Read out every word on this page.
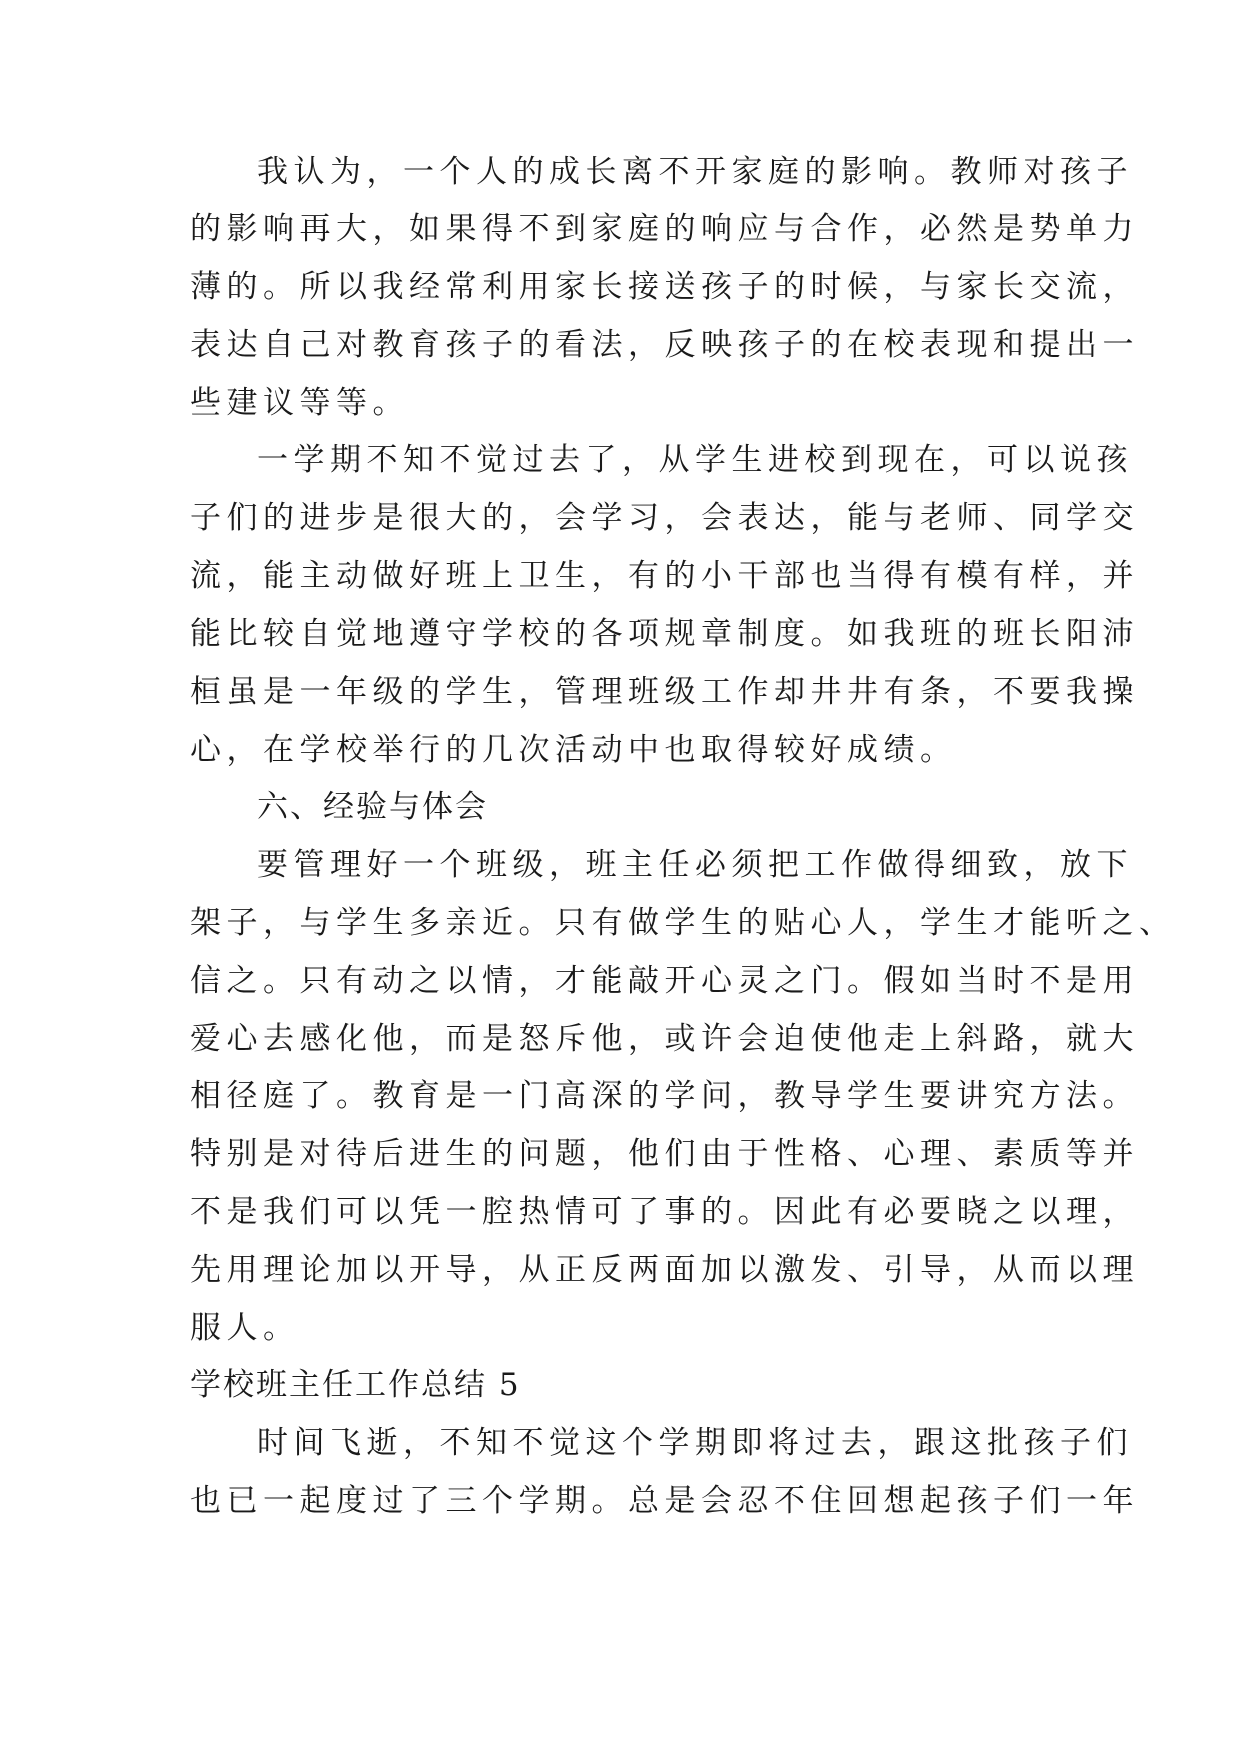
我认为，一个人的成长离不开家庭的影响。教师对孩子

的影响再大，如果得不到家庭的响应与合作，必然是势单力

薄的。所以我经常利用家长接送孩子的时候，与家长交流，

表达自己对教育孩子的看法，反映孩子的在校表现和提出一

些建议等等。

一学期不知不觉过去了，从学生进校到现在，可以说孩

子们的进步是很大的，会学习，会表达，能与老师、同学交

流，能主动做好班上卫生，有的小干部也当得有模有样，并

能比较自觉地遵守学校的各项规章制度。如我班的班长阳沛

桓虽是一年级的学生，管理班级工作却井井有条，不要我操

心，在学校举行的几次活动中也取得较好成绩。

六、经验与体会

要管理好一个班级，班主任必须把工作做得细致，放下

架子，与学生多亲近。只有做学生的贴心人，学生才能听之、

信之。只有动之以情，才能敲开心灵之门。假如当时不是用

爱心去感化他，而是怒斥他，或许会迫使他走上斜路，就大

相径庭了。教育是一门高深的学问，教导学生要讲究方法。

特别是对待后进生的问题，他们由于性格、心理、素质等并

不是我们可以凭一腔热情可了事的。因此有必要晓之以理，

先用理论加以开导，从正反两面加以激发、引导，从而以理

服人。

学校班主任工作总结 5

时间飞逝，不知不觉这个学期即将过去，跟这批孩子们

也已一起度过了三个学期。总是会忍不住回想起孩子们一年
